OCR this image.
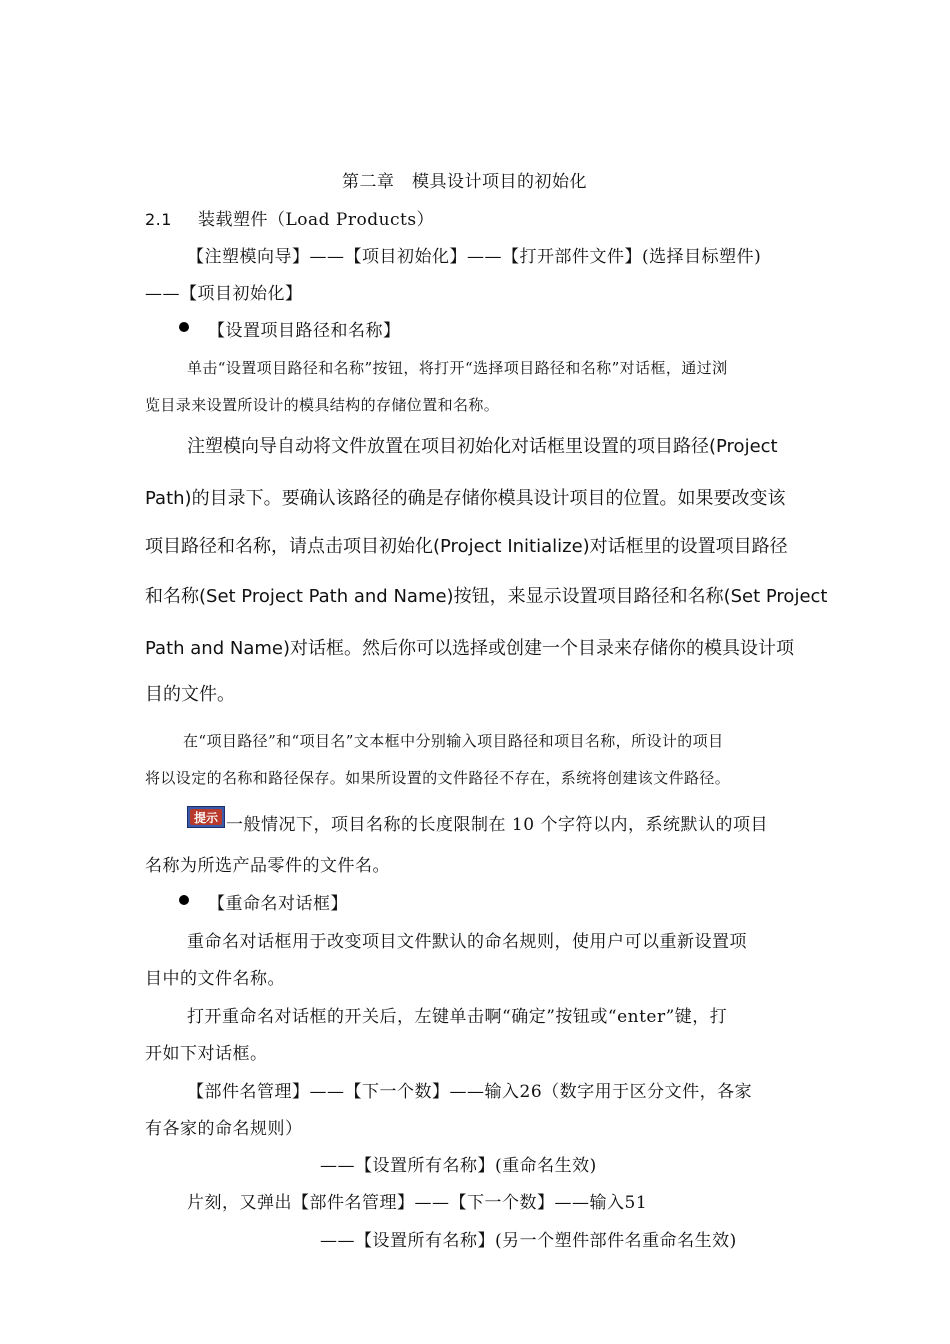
第二章　模具设计项目的初始化
2.1 装载塑件（Load Products）
【注塑模向导】——【项目初始化】——【打开部件文件】(选择目标塑件)
——【项目初始化】
【设置项目路径和名称】
单击“设置项目路径和名称”按钮，将打开“选择项目路径和名称”对话框，通过浏
览目录来设置所设计的模具结构的存储位置和名称。
注塑模向导自动将文件放置在项目初始化对话框里设置的项目路径(Project
Path)的目录下。要确认该路径的确是存储你模具设计项目的位置。如果要改变该
项目路径和名称，请点击项目初始化(Project Initialize)对话框里的设置项目路径
和名称(Set Project Path and Name)按钮，来显示设置项目路径和名称(Set Project
Path and Name)对话框。然后你可以选择或创建一个目录来存储你的模具设计项
目的文件。
在“项目路径”和“项目名”文本框中分别输入项目路径和项目名称，所设计的项目
将以设定的名称和路径保存。如果所设置的文件路径不存在，系统将创建该文件路径。
提示 一般情况下，项目名称的长度限制在 10 个字符以内，系统默认的项目
名称为所选产品零件的文件名。
【重命名对话框】
重命名对话框用于改变项目文件默认的命名规则，使用户可以重新设置项
目中的文件名称。
打开重命名对话框的开关后，左键单击啊“确定”按钮或“enter”键，打
开如下对话框。
【部件名管理】——【下一个数】——输入26（数字用于区分文件，各家
有各家的命名规则）
——【设置所有名称】(重命名生效)
片刻，又弹出【部件名管理】——【下一个数】——输入51
——【设置所有名称】(另一个塑件部件名重命名生效)
